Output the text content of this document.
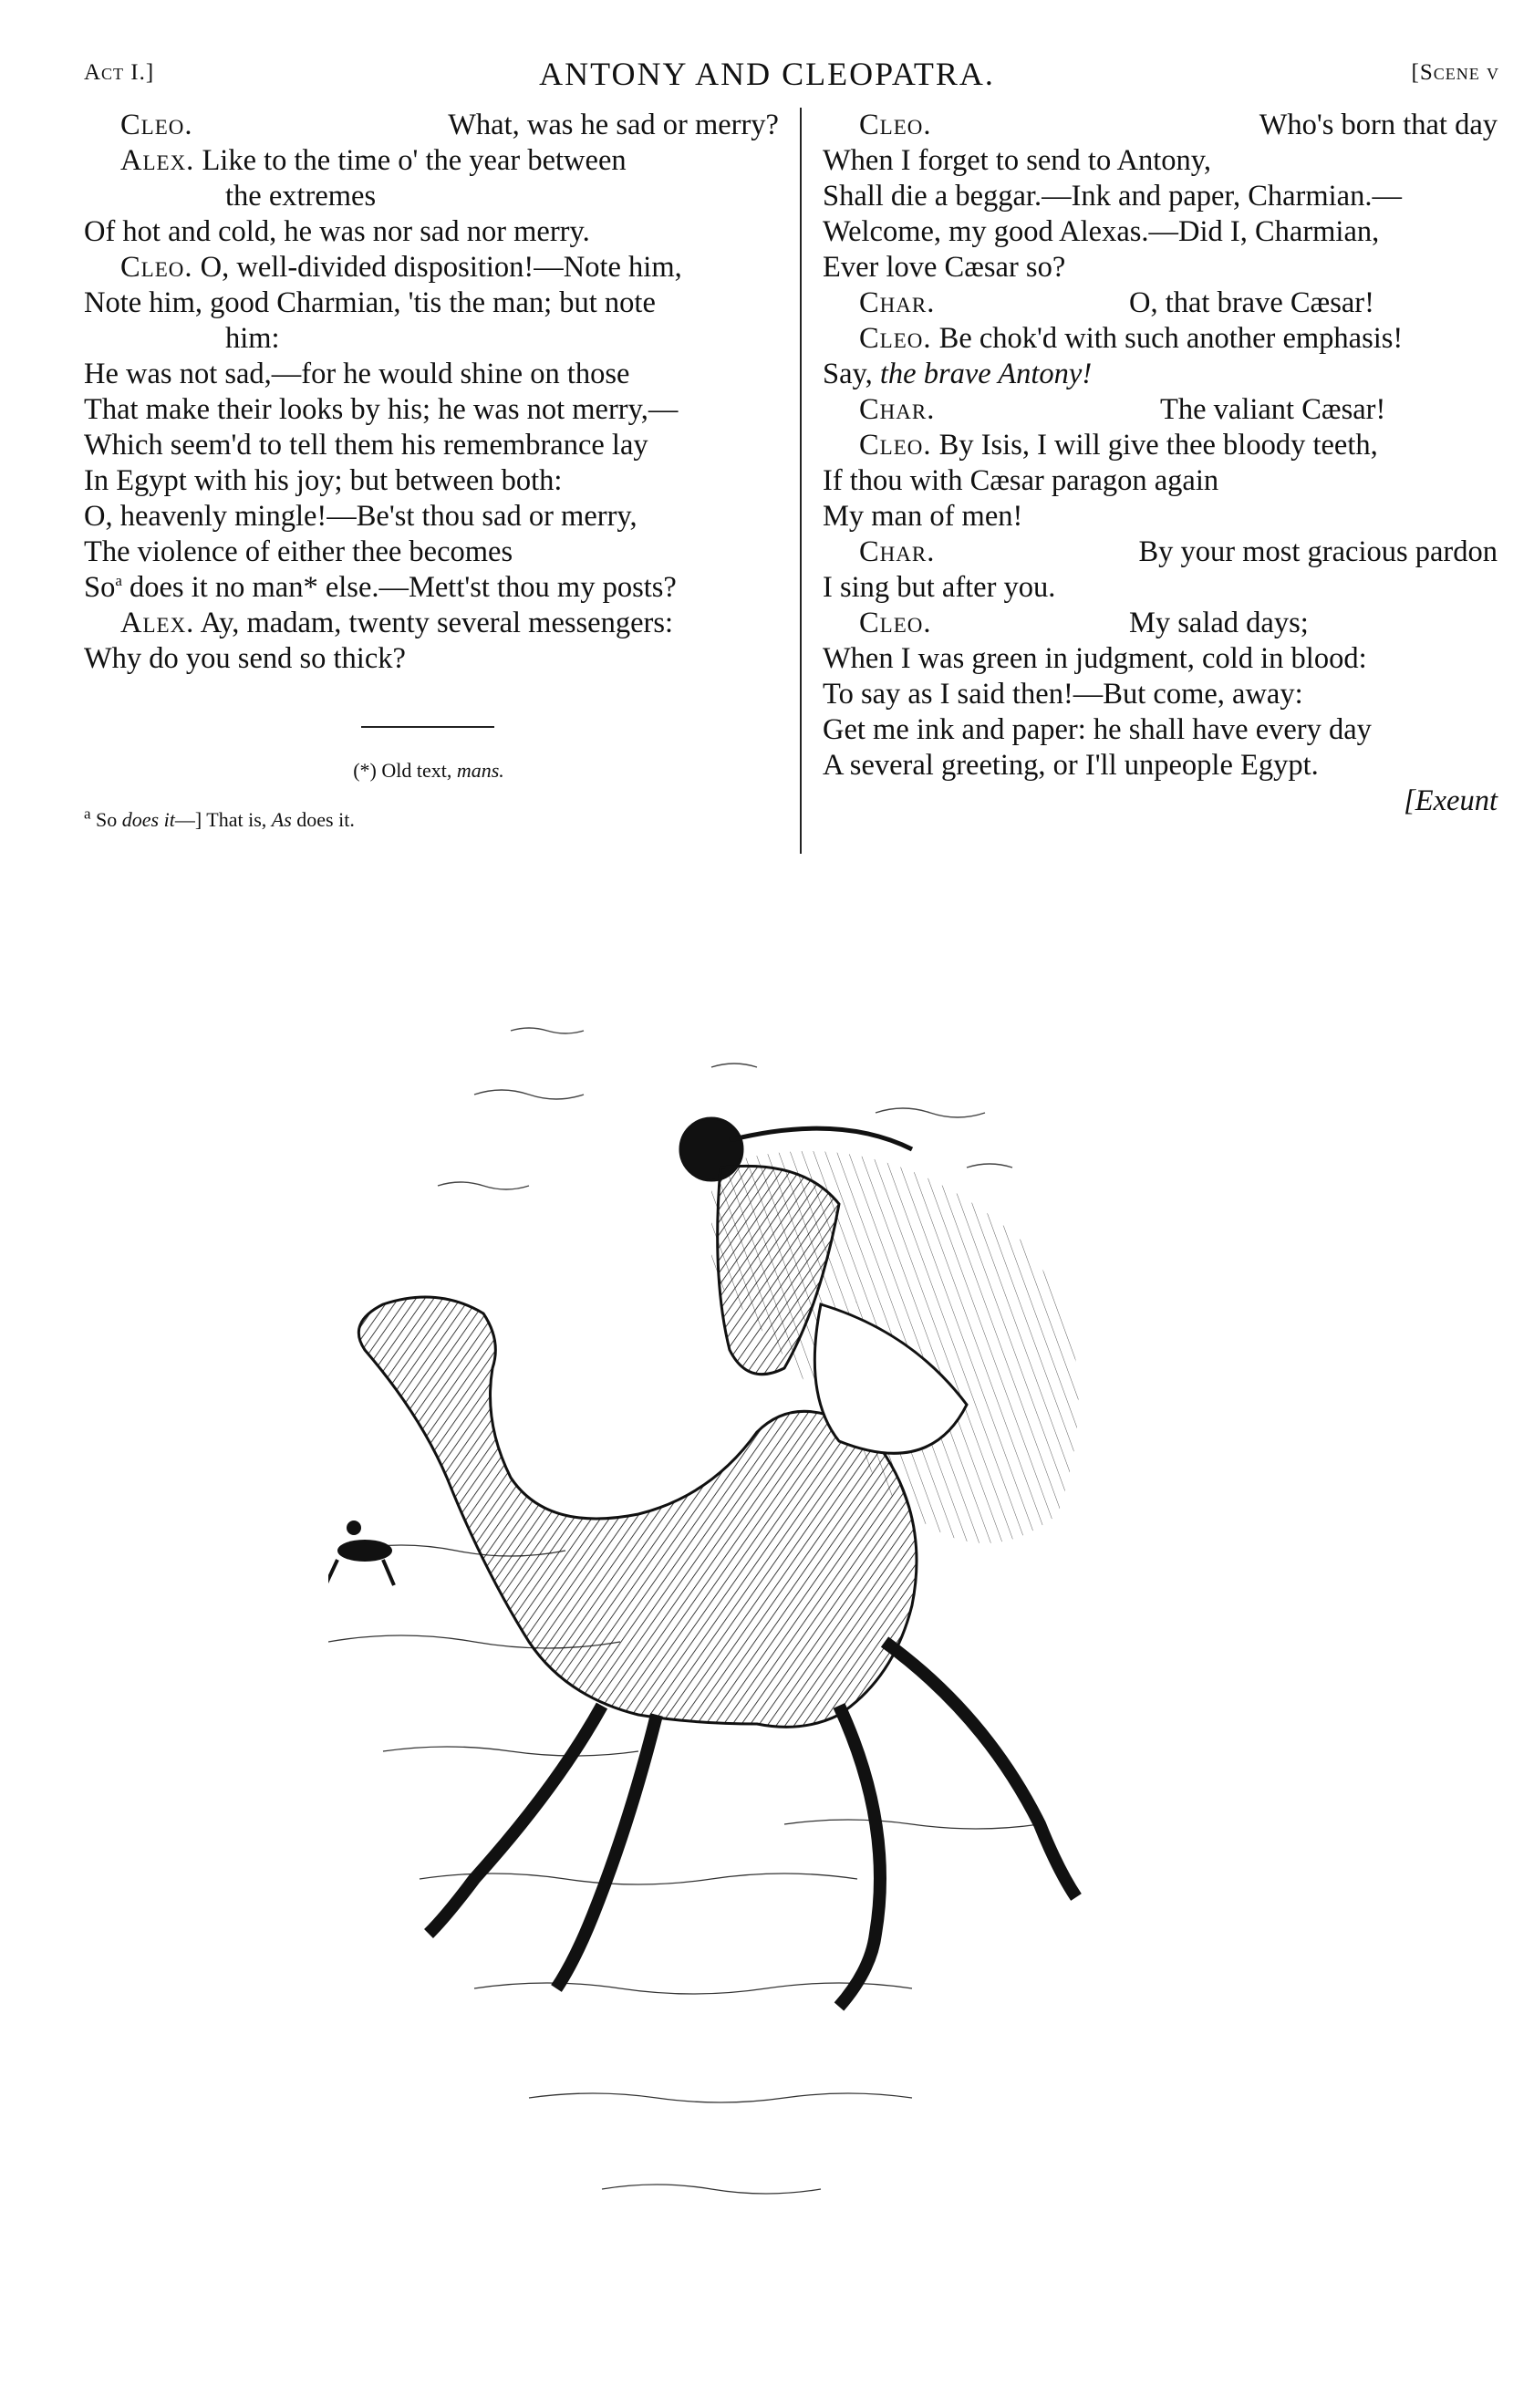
Act I.]	ANTONY AND CLEOPATRA.	[Scene v
Cleo.	What, was he sad or merry?
Alex. Like to the time o' the year between
the extremes
Of hot and cold, he was nor sad nor merry.
Cleo. O, well-divided disposition!—Note him,
Note him, good Charmian, 'tis the man; but note
him:
He was not sad,—for he would shine on those
That make their looks by his; he was not merry,—
Which seem'd to tell them his remembrance lay
In Egypt with his joy; but between both:
O, heavenly mingle!—Be'st thou sad or merry,
The violence of either thee becomes
So$^a$ does it no man* else.—Mett'st thou my posts?
Alex. Ay, madam, twenty several messengers:
Why do you send so thick?
(*) Old text, mans.
$^a$ So does it—] That is, As does it.
Cleo.	Who's born that day
When I forget to send to Antony,
Shall die a beggar.—Ink and paper, Charmian.—
Welcome, my good Alexas.—Did I, Charmian,
Ever love Cæsar so?
Char.	O, that brave Cæsar!
Cleo. Be chok'd with such another emphasis!
Say, the brave Antony!
Char.	The valiant Cæsar!
Cleo. By Isis, I will give thee bloody teeth,
If thou with Cæsar paragon again
My man of men!
Char.	By your most gracious pardon
I sing but after you.
Cleo.	My salad days;
When I was green in judgment, cold in blood:
To say as I said then!—But come, away:
Get me ink and paper: he shall have every day
A several greeting, or I'll unpeople Egypt.
[Exeunt
